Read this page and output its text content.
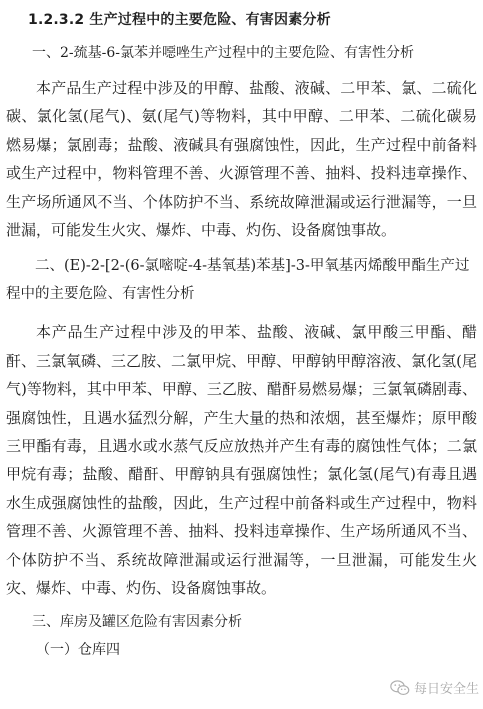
1.2.3.2 生产过程中的主要危险、有害因素分析
一、2-巯基-6-氯苯并噁唑生产过程中的主要危险、有害性分析
本产品生产过程中涉及的甲醇、盐酸、液碱、二甲苯、氯、二硫化碳、氯化氢(尾气)、氨(尾气)等物料，其中甲醇、二甲苯、二硫化碳易燃易爆；氯剧毒；盐酸、液碱具有强腐蚀性，因此，生产过程中前备料或生产过程中，物料管理不善、火源管理不善、抽料、投料违章操作、生产场所通风不当、个体防护不当、系统故障泄漏或运行泄漏等，一旦泄漏，可能发生火灾、爆炸、中毒、灼伤、设备腐蚀事故。
二、(E)-2-[2-(6-氯嘧啶-4-基氧基)苯基]-3-甲氧基丙烯酸甲酯生产过程中的主要危险、有害性分析
本产品生产过程中涉及的甲苯、盐酸、液碱、氯甲酸三甲酯、醋酐、三氯氧磷、三乙胺、二氯甲烷、甲醇、甲醇钠甲醇溶液、氯化氢(尾气)等物料，其中甲苯、甲醇、三乙胺、醋酐易燃易爆；三氯氧磷剧毒、强腐蚀性，且遇水猛烈分解，产生大量的热和浓烟，甚至爆炸；原甲酸三甲酯有毒，且遇水或水蒸气反应放热并产生有毒的腐蚀性气体；二氯甲烷有毒；盐酸、醋酐、甲醇钠具有强腐蚀性；氯化氢(尾气)有毒且遇水生成强腐蚀性的盐酸，因此，生产过程中前备料或生产过程中，物料管理不善、火源管理不善、抽料、投料违章操作、生产场所通风不当、个体防护不当、系统故障泄漏或运行泄漏等，一旦泄漏，可能发生火灾、爆炸、中毒、灼伤、设备腐蚀事故。
三、库房及罐区危险有害因素分析
（一）仓库四
每日安全生
